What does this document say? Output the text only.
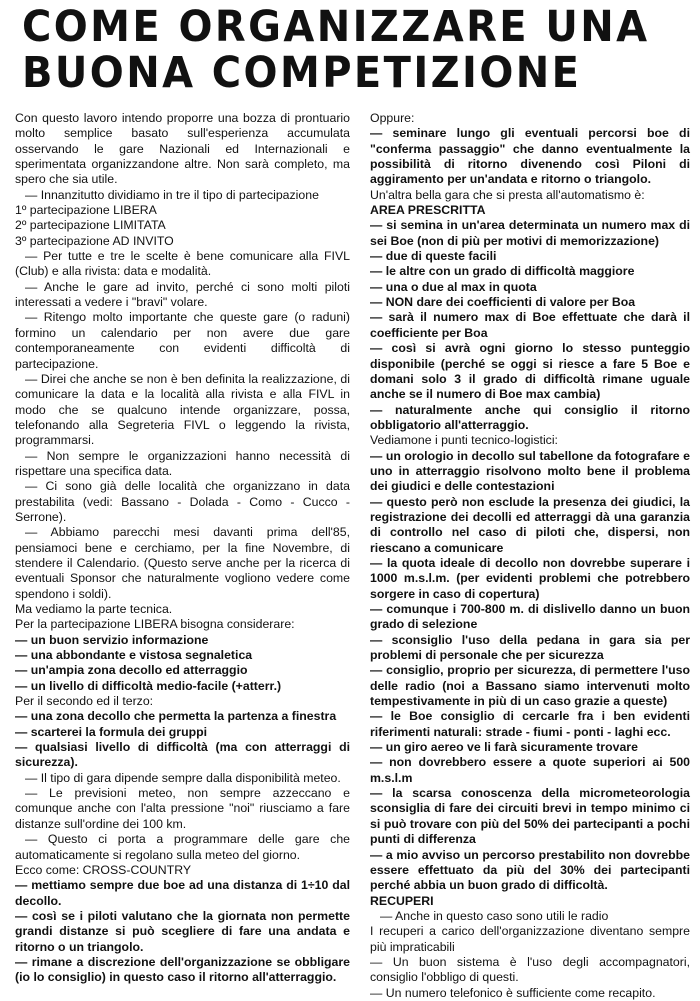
COME ORGANIZZARE UNA
BUONA COMPETIZIONE

Con questo lavoro intendo proporre una bozza di prontuario molto semplice basato sull'esperienza accumulata osservando le gare Nazionali ed Internazionali e sperimentata organizzandone altre. Non sarà completo, ma spero che sia utile.

— Innanzitutto dividiamo in tre il tipo di partecipazione

1º partecipazione LIBERA

2º partecipazione LIMITATA

3º partecipazione AD INVITO

— Per tutte e tre le scelte è bene comunicare alla FIVL (Club) e alla rivista: data e modalità.

— Anche le gare ad invito, perché ci sono molti piloti interessati a vedere i "bravi" volare.

— Ritengo molto importante che queste gare (o raduni) formino un calendario per non avere due gare contemporaneamente con evidenti difficoltà di partecipazione.

— Direi che anche se non è ben definita la realizzazione, di comunicare la data e la località alla rivista e alla FIVL in modo che se qualcuno intende organizzare, possa, telefonando alla Segreteria FIVL o leggendo la rivista, programmarsi.

— Non sempre le organizzazioni hanno necessità di rispettare una specifica data.

— Ci sono già delle località che organizzano in data prestabilita (vedi: Bassano - Dolada - Como - Cucco - Serrone).

— Abbiamo parecchi mesi davanti prima dell'85, pensiamoci bene e cerchiamo, per la fine Novembre, di stendere il Calendario. (Questo serve anche per la ricerca di eventuali Sponsor che naturalmente vogliono vedere come spendono i soldi).

Ma vediamo la parte tecnica.

Per la partecipazione LIBERA bisogna considerare:

— un buon servizio informazione

— una abbondante e vistosa segnaletica

— un'ampia zona decollo ed atterraggio

— un livello di difficoltà medio-facile (+atterr.)

Per il secondo ed il terzo:

— una zona decollo che permetta la partenza a finestra

— scarterei la formula dei gruppi

— qualsiasi livello di difficoltà (ma con atterraggi di sicurezza).

— Il tipo di gara dipende sempre dalla disponibilità meteo.

— Le previsioni meteo, non sempre azzeccano e comunque anche con l'alta pressione "noi" riusciamo a fare distanze sull'ordine dei 100 km.

— Questo ci porta a programmare delle gare che automaticamente si regolano sulla meteo del giorno.

Ecco come: CROSS-COUNTRY

— mettiamo sempre due boe ad una distanza di 1÷10 dal decollo.

— così se i piloti valutano che la giornata non permette grandi distanze si può scegliere di fare una andata e ritorno o un triangolo.

— rimane a discrezione dell'organizzazione se obbligare (io lo consiglio) in questo caso il ritorno all'atterraggio.

Oppure:

— seminare lungo gli eventuali percorsi boe di "conferma passaggio" che danno eventualmente la possibilità di ritorno divenendo così Piloni di aggiramento per un'andata e ritorno o triangolo.

Un'altra bella gara che si presta all'automatismo è:

AREA PRESCRITTA

— si semina in un'area determinata un numero max di sei Boe (non di più per motivi di memorizzazione)

— due di queste facili

— le altre con un grado di difficoltà maggiore

— una o due al max in quota

— NON dare dei coefficienti di valore per Boa

— sarà il numero max di Boe effettuate che darà il coefficiente per Boa

— così si avrà ogni giorno lo stesso punteggio disponibile (perché se oggi si riesce a fare 5 Boe e domani solo 3 il grado di difficoltà rimane uguale anche se il numero di Boe max cambia)

— naturalmente anche qui consiglio il ritorno obbligatorio all'atterraggio.

Vediamone i punti tecnico-logistici:

— un orologio in decollo sul tabellone da fotografare e uno in atterraggio risolvono molto bene il problema dei giudici e delle contestazioni

— questo però non esclude la presenza dei giudici, la registrazione dei decolli ed atterraggi dà una garanzia di controllo nel caso di piloti che, dispersi, non riescano a comunicare

— la quota ideale di decollo non dovrebbe superare i 1000 m.s.l.m. (per evidenti problemi che potrebbero sorgere in caso di copertura)

— comunque i 700-800 m. di dislivello danno un buon grado di selezione

— sconsiglio l'uso della pedana in gara sia per problemi di personale che per sicurezza

— consiglio, proprio per sicurezza, di permettere l'uso delle radio (noi a Bassano siamo intervenuti molto tempestivamente in più di un caso grazie a queste)

— le Boe consiglio di cercarle fra i ben evidenti riferimenti naturali: strade - fiumi - ponti - laghi ecc.

— un giro aereo ve li farà sicuramente trovare

— non dovrebbero essere a quote superiori ai 500 m.s.l.m

— la scarsa conoscenza della micrometeorologia sconsiglia di fare dei circuiti brevi in tempo minimo ci si può trovare con più del 50% dei partecipanti a pochi punti di differenza

— a mio avviso un percorso prestabilito non dovrebbe essere effettuato da più del 30% dei partecipanti perché abbia un buon grado di difficoltà.

RECUPERI

— Anche in questo caso sono utili le radio

I recuperi a carico dell'organizzazione diventano sempre più impraticabili

— Un buon sistema è l'uso degli accompagnatori, consiglio l'obbligo di questi.

— Un numero telefonico è sufficiente come recapito.
